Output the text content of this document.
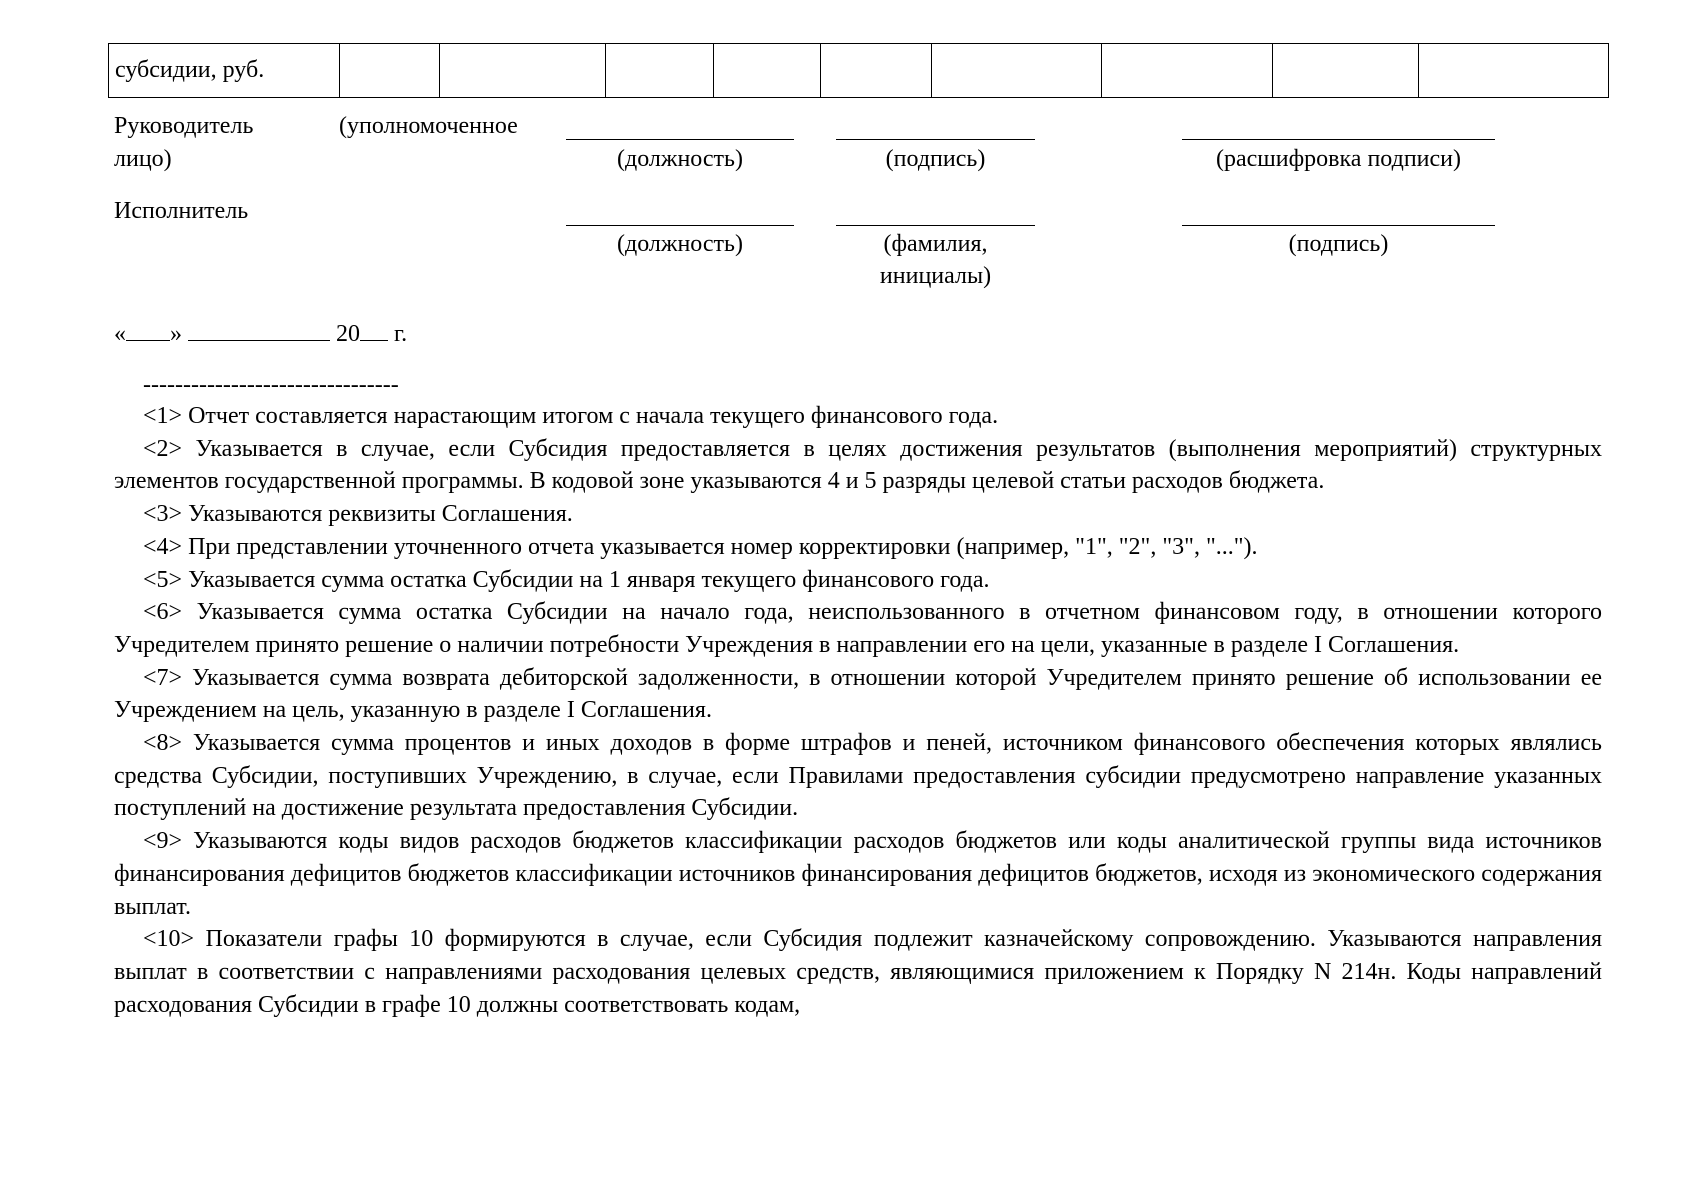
субсидии, руб.									
Руководитель	(уполномоченное
лицо)	(должность)	(подпись)	(расшифровка подписи)
Исполнитель
(должность)	(фамилия,
инициалы)
(подпись)
« »	20 г.
--------------------------------

<1> Отчет составляется нарастающим итогом с начала текущего финансового года.

<2> Указывается в случае, если Субсидия предоставляется в целях достижения результатов (выполнения мероприятий) структурных элементов государственной программы. В кодовой зоне указываются 4 и 5 разряды целевой статьи расходов бюджета.

<3> Указываются реквизиты Соглашения.

<4> При представлении уточненного отчета указывается номер корректировки (например, "1", "2", "3", "...").

<5> Указывается сумма остатка Субсидии на 1 января текущего финансового года.

<6> Указывается сумма остатка Субсидии на начало года, неиспользованного в отчетном финансовом году, в отношении которого Учредителем принято решение о наличии потребности Учреждения в направлении его на цели, указанные в разделе I Соглашения.

<7> Указывается сумма возврата дебиторской задолженности, в отношении которой Учредителем принято решение об использовании ее Учреждением на цель, указанную в разделе I Соглашения.

<8> Указывается сумма процентов и иных доходов в форме штрафов и пеней, источником финансового обеспечения которых являлись средства Субсидии, поступивших Учреждению, в случае, если Правилами предоставления субсидии предусмотрено направление указанных поступлений на достижение результата предоставления Субсидии.

<9> Указываются коды видов расходов бюджетов классификации расходов бюджетов или коды аналитической группы вида источников финансирования дефицитов бюджетов классификации источников финансирования дефицитов бюджетов, исходя из экономического содержания выплат.

<10> Показатели графы 10 формируются в случае, если Субсидия подлежит казначейскому сопровождению. Указываются направления выплат в соответствии с направлениями расходования целевых средств, являющимися приложением к Порядку N 214н. Коды направлений расходования Субсидии в графе 10 должны соответствовать кодам,
